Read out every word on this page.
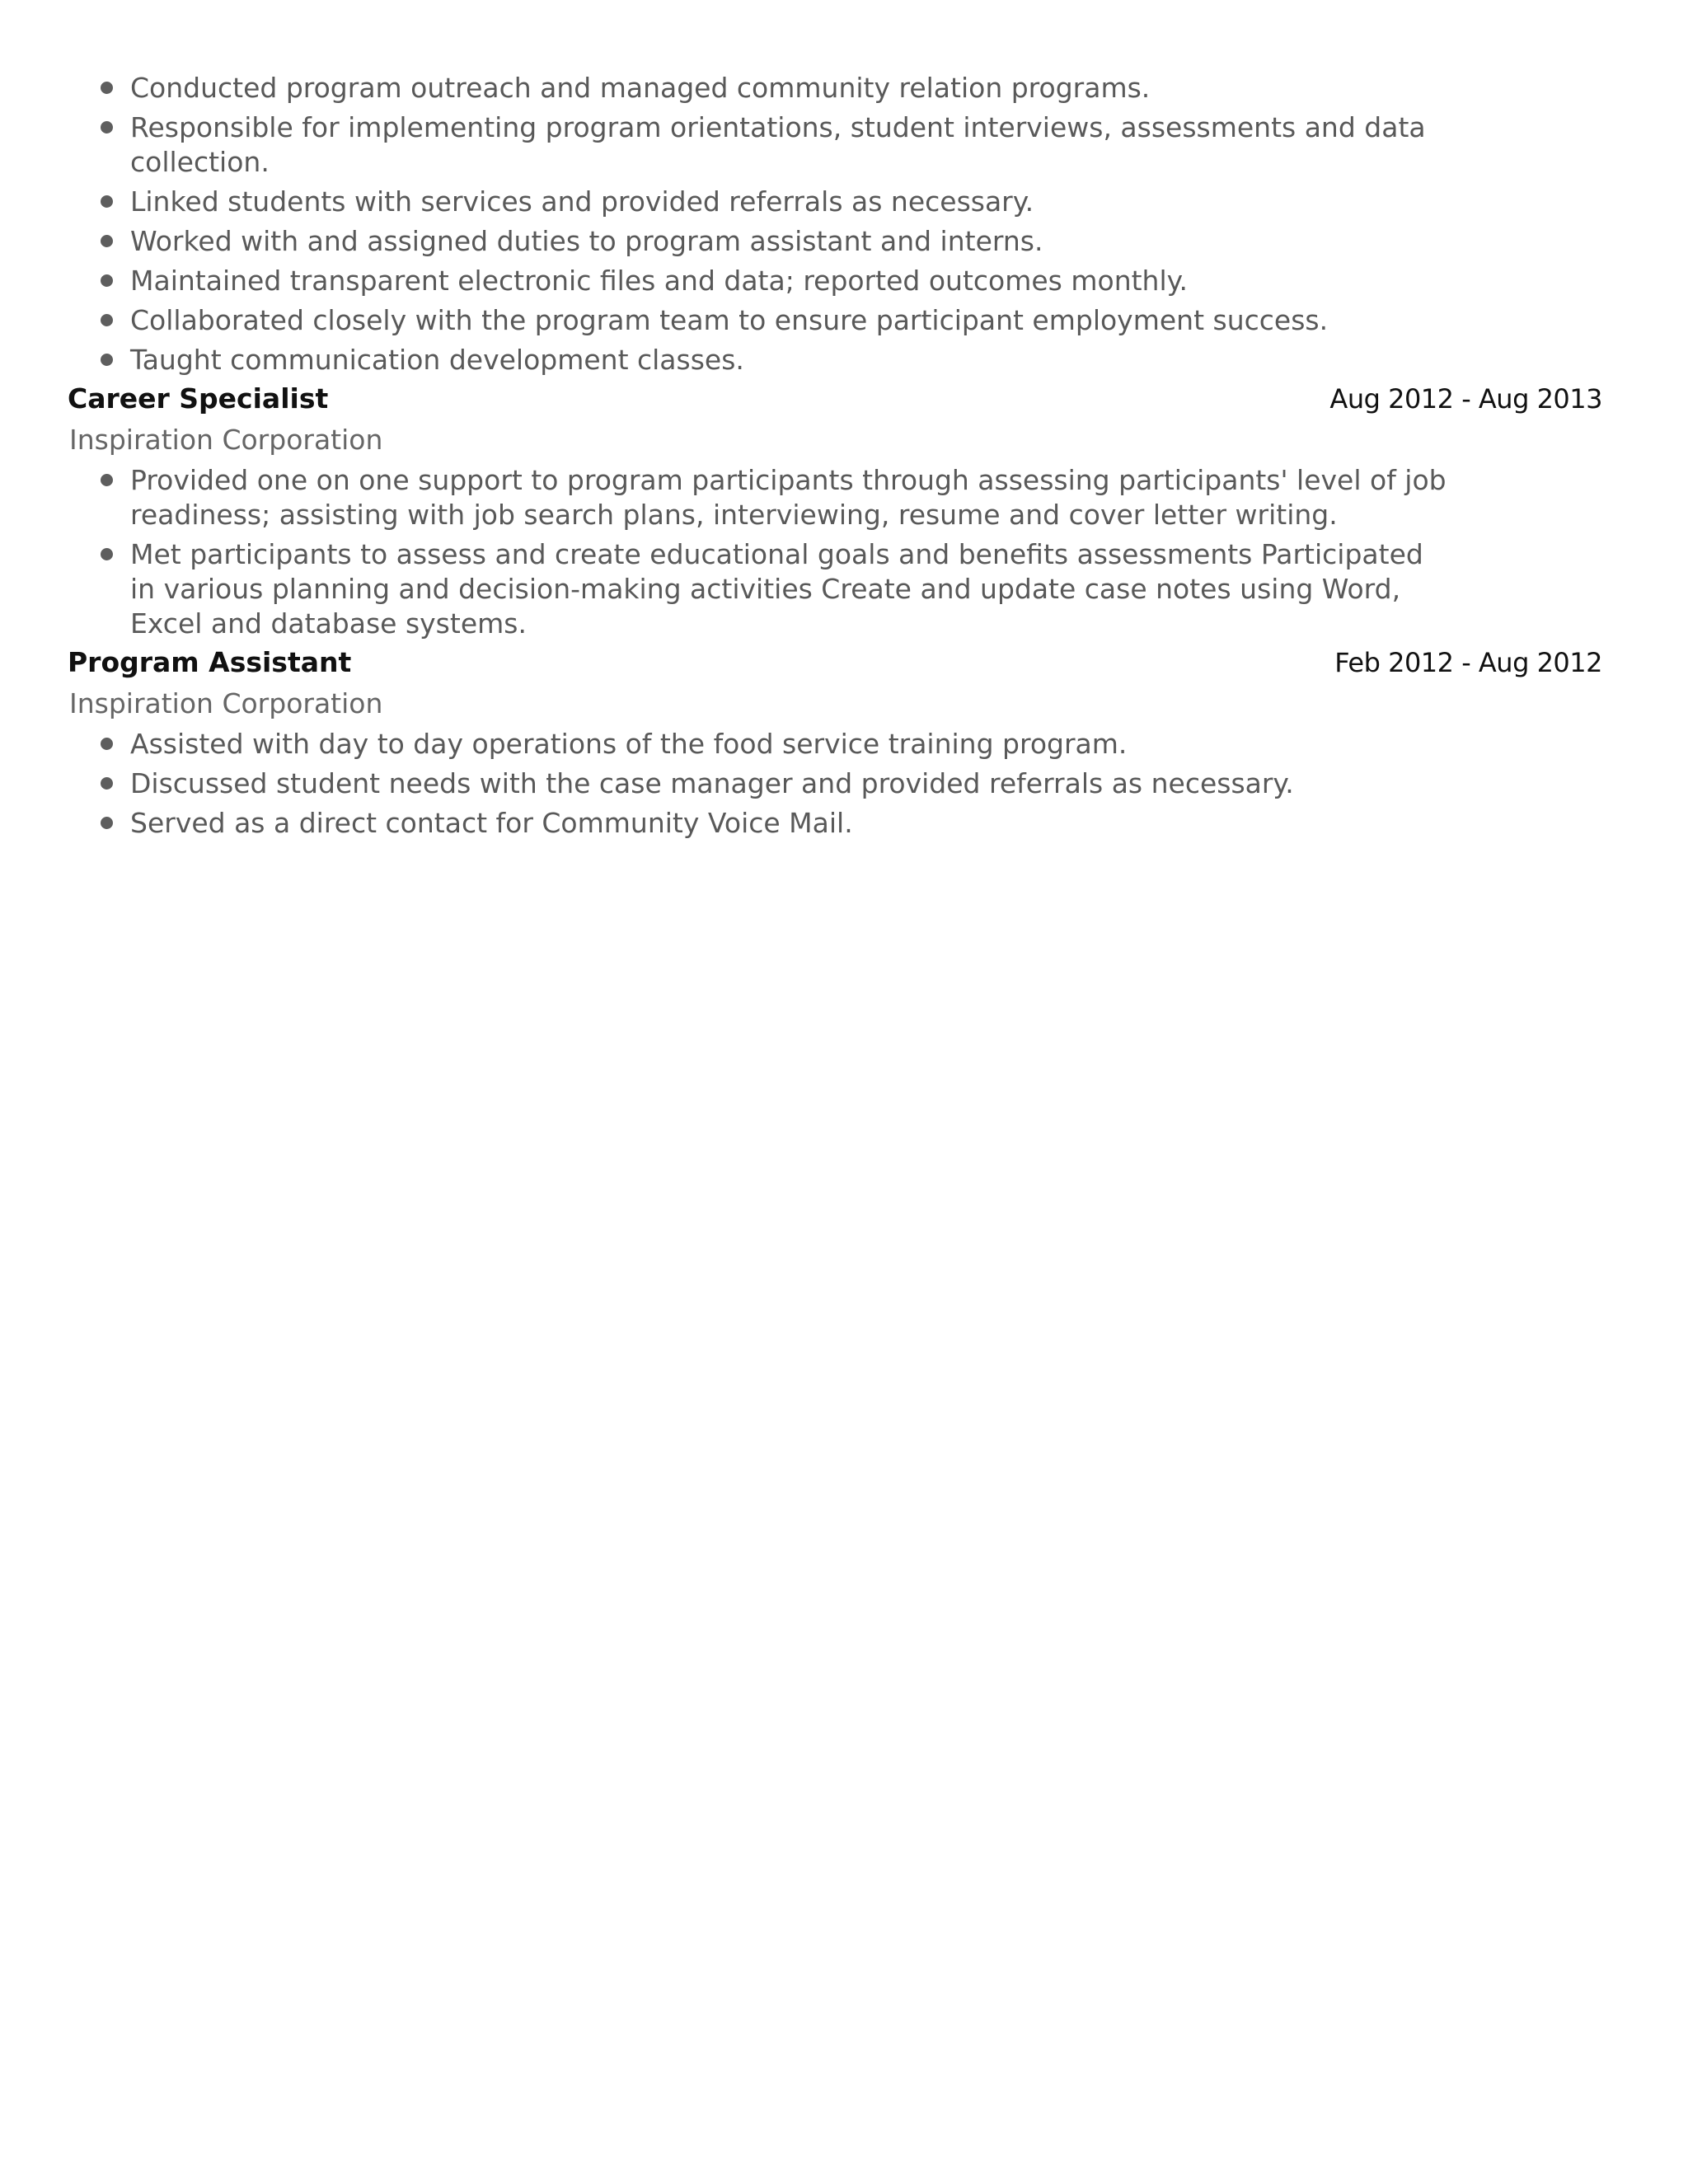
Conducted program outreach and managed community relation programs.
Responsible for implementing program orientations, student interviews, assessments and data collection.
Linked students with services and provided referrals as necessary.
Worked with and assigned duties to program assistant and interns.
Maintained transparent electronic files and data; reported outcomes monthly.
Collaborated closely with the program team to ensure participant employment success.
Taught communication development classes.
Career Specialist	Aug 2012 - Aug 2013
Inspiration Corporation
Provided one on one support to program participants through assessing participants' level of job readiness; assisting with job search plans, interviewing, resume and cover letter writing.
Met participants to assess and create educational goals and benefits assessments Participated in various planning and decision-making activities Create and update case notes using Word, Excel and database systems.
Program Assistant	Feb 2012 - Aug 2012
Inspiration Corporation
Assisted with day to day operations of the food service training program.
Discussed student needs with the case manager and provided referrals as necessary.
Served as a direct contact for Community Voice Mail.
